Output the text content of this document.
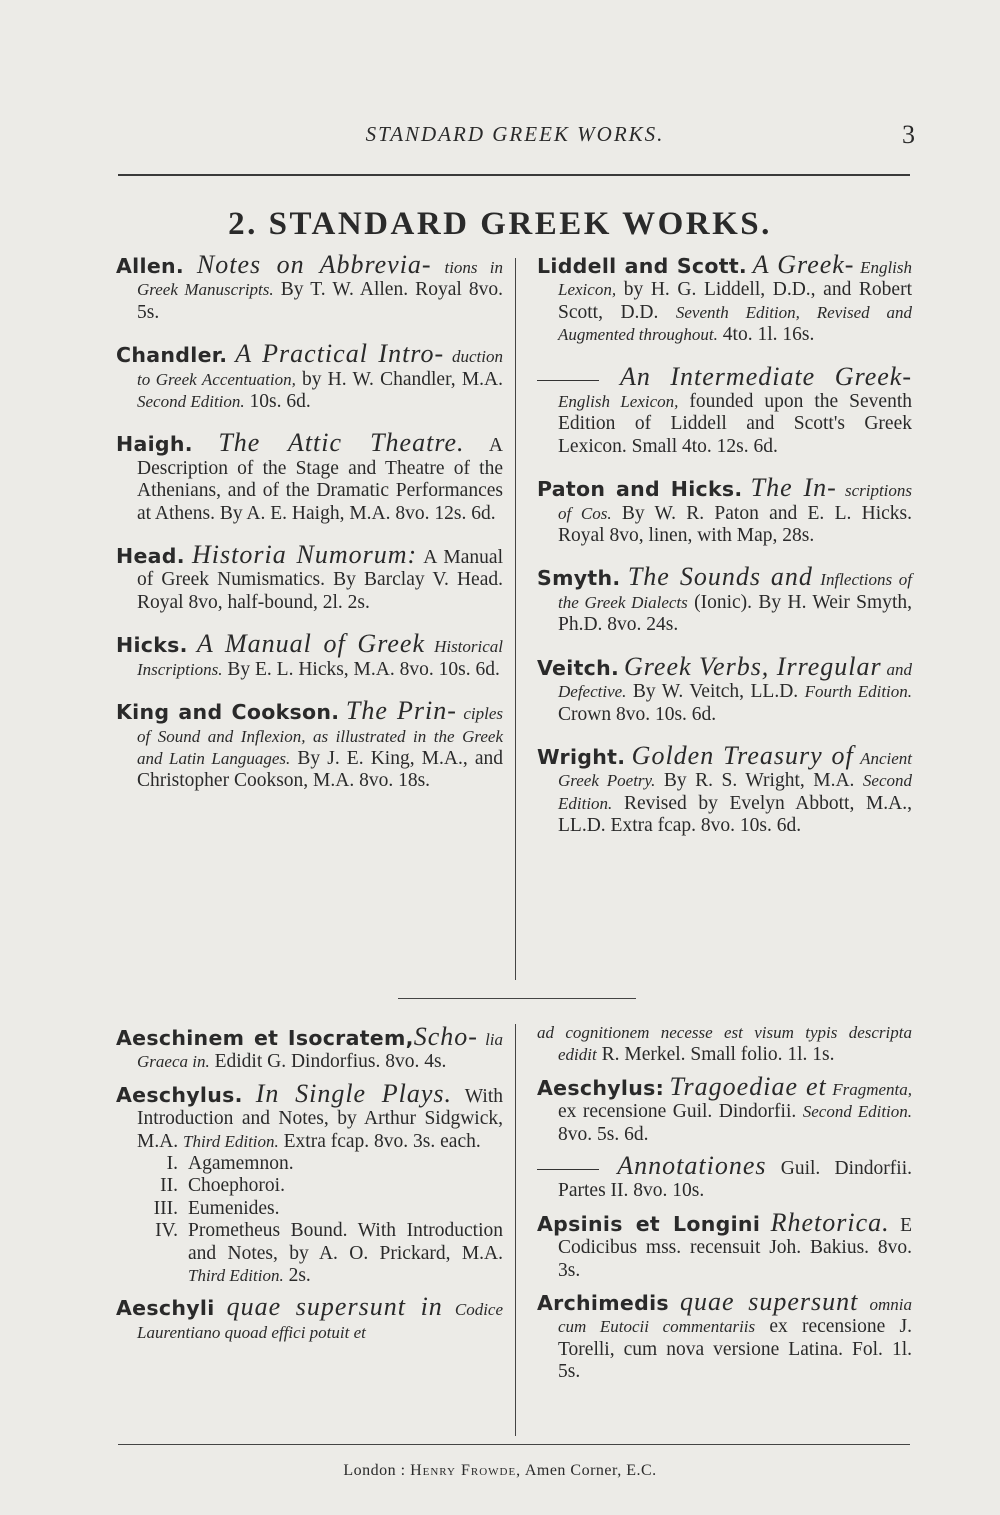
STANDARD GREEK WORKS.	3
2. STANDARD GREEK WORKS.
Allen. Notes on Abbrevia- tions in Greek Manuscripts. By T. W. Allen. Royal 8vo. 5s.
Chandler. A Practical Intro- duction to Greek Accentuation, by H. W. Chandler, M.A. Second Edition. 10s. 6d.
Haigh. The Attic Theatre. A Description of the Stage and Theatre of the Athenians, and of the Dramatic Performances at Athens. By A. E. Haigh, M.A. 8vo. 12s. 6d.
Head. Historia Numorum: A Manual of Greek Numismatics. By Barclay V. Head. Royal 8vo, half-bound, 2l. 2s.
Hicks. A Manual of Greek Historical Inscriptions. By E. L. Hicks, M.A. 8vo. 10s. 6d.
King and Cookson. The Prin- ciples of Sound and Inflexion, as illustrated in the Greek and Latin Languages. By J. E. King, M.A., and Christopher Cookson, M.A. 8vo. 18s.
Liddell and Scott. A Greek- English Lexicon, by H. G. Liddell, D.D., and Robert Scott, D.D. Seventh Edition, Revised and Augmented throughout. 4to. 1l. 16s.
An Intermediate Greek- English Lexicon, founded upon the Seventh Edition of Liddell and Scott's Greek Lexicon. Small 4to. 12s. 6d.
Paton and Hicks. The In- scriptions of Cos. By W. R. Paton and E. L. Hicks. Royal 8vo, linen, with Map, 28s.
Smyth. The Sounds and Inflections of the Greek Dialects (Ionic). By H. Weir Smyth, Ph.D. 8vo. 24s.
Veitch. Greek Verbs, Irregular and Defective. By W. Veitch, LL.D. Fourth Edition. Crown 8vo. 10s. 6d.
Wright. Golden Treasury of Ancient Greek Poetry. By R. S. Wright, M.A. Second Edition. Revised by Evelyn Abbott, M.A., LL.D. Extra fcap. 8vo. 10s. 6d.
Aeschinem et Isocratem,Scho- lia Graeca in. Edidit G. Dindorfius. 8vo. 4s.
Aeschylus. In Single Plays. With Introduction and Notes, by Arthur Sidgwick, M.A. Third Edition. Extra fcap. 8vo. 3s. each.
I. Agamemnon.
II. Choephoroi.
III. Eumenides.
IV. Prometheus Bound. With Introduction and Notes, by A. O. Prickard, M.A. Third Edition. 2s.
Aeschyli quae supersunt in Codice Laurentiano quoad effici potuit et
ad cognitionem necesse est visum typis descripta edidit R. Merkel. Small folio. 1l. 1s.
Aeschylus: Tragoediae et Fragmenta, ex recensione Guil. Dindorfii. Second Edition. 8vo. 5s. 6d.
Annotationes Guil. Dindorfii. Partes II. 8vo. 10s.
Apsinis et Longini Rhetorica. E Codicibus mss. recensuit Joh. Bakius. 8vo. 3s.
Archimedis quae supersunt omnia cum Eutocii commentariis ex recensione J. Torelli, cum nova versione Latina. Fol. 1l. 5s.
London : Henry Frowde, Amen Corner, E.C.
